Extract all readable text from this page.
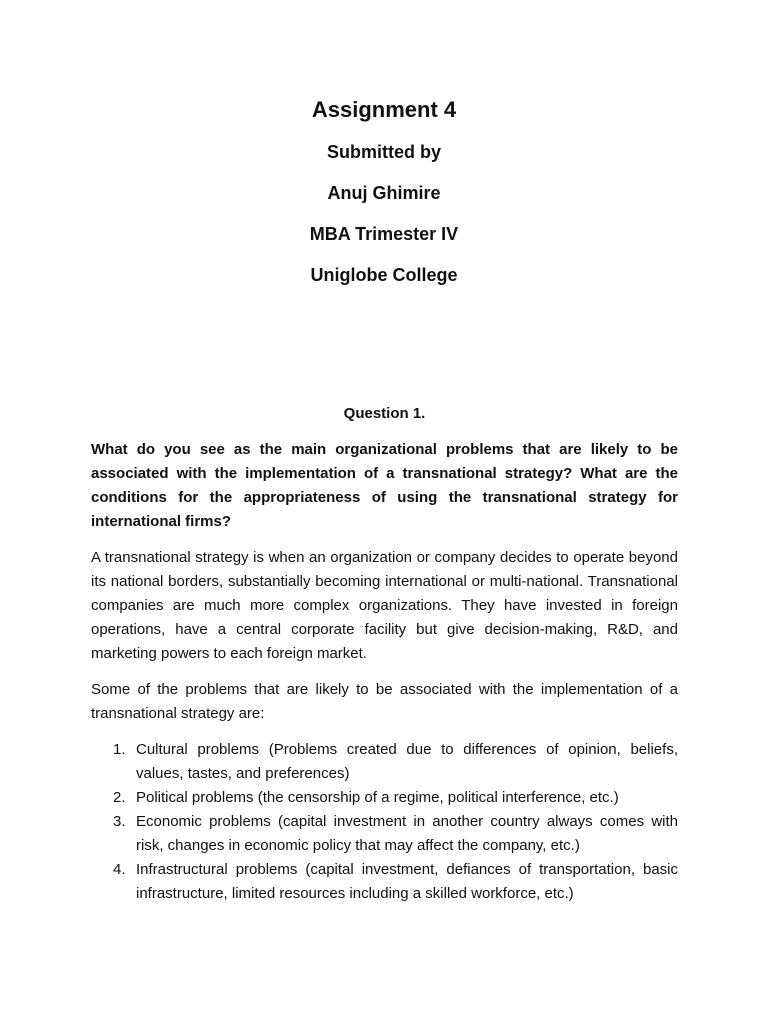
Assignment 4
Submitted by
Anuj Ghimire
MBA Trimester IV
Uniglobe College
Question 1.

What do you see as the main organizational problems that are likely to be associated with the implementation of a transnational strategy? What are the conditions for the appropriateness of using the transnational strategy for international firms?

A transnational strategy is when an organization or company decides to operate beyond its national borders, substantially becoming international or multi-national. Transnational companies are much more complex organizations. They have invested in foreign operations, have a central corporate facility but give decision-making, R&D, and marketing powers to each foreign market.

Some of the problems that are likely to be associated with the implementation of a transnational strategy are:

1. Cultural problems (Problems created due to differences of opinion, beliefs, values, tastes, and preferences)
2. Political problems (the censorship of a regime, political interference, etc.)
3. Economic problems (capital investment in another country always comes with risk, changes in economic policy that may affect the company, etc.)
4. Infrastructural problems (capital investment, defiances of transportation, basic infrastructure, limited resources including a skilled workforce, etc.)
